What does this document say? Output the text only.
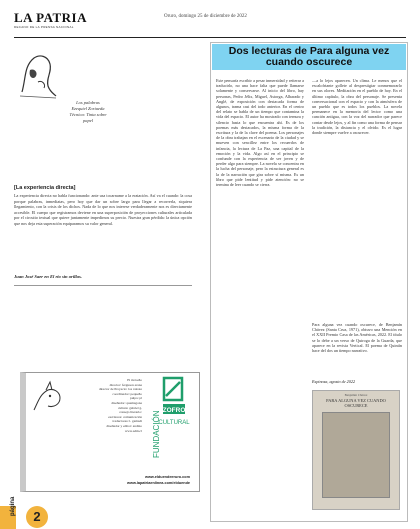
LA PATRIA
DECANO DE LA PRENSA NACIONAL
Oruro, domingo 25 de diciembre de 2022
Los palabras
Ezequiel Zoriaeda
Técnica: Tinta sobre
papel
[La experiencia directa]
La experiencia directa no habla funcionando: ante usa tocarname a la eratación. Así va el cuando: la cosa porque palabras, inmediatas, pero hoy que dar un sobre largo para llegar a recorrerla, siquiera llegamiento, con la crisis de los dichos. Nada de lo que nos interese verdaderamente nos es directamente accesible. El cuerpo que registramos deviene en una superposición de proyecciones culturales articulada por el circuito textual que quiere juntamente impedirnos su precio. Nuestra gran pérdida: la única opción que nos deja esta superación equiparamos su valor general.
Juan José Saer en El río sin orillas.
El moveño
director: ferguson arana
director de Proyecto: los raloste
coordinador: pequeño
pulpa: pl
diseñador: quemagona
cultura: gabriel g.
consejo literario:
escritores: comunicación
traductores: l. gamadi
diseñador y editor: andino
www.adm.cl FUNDACIÓN ZOFRO
CULTURAL
www.elduendeeruro.com
www.lapatriaenlinea.com/elduende
página
2
Dos lecturas de Para alguna vez cuando oscurece
Este pensaría escribir a pesar inmersidad y reiterar a traducirlo, no una hace falta que puede llamarse solamente y conservarse. Al inicio del libro, hay personas, Pedro Jélix, Miguel, Astorga, Albarado y Anglé, de exposición con destacada forma de algunos, trama casi del todo anterior. En el centro del relato se habla de un tiempo que contamina la vida del espacio. El autor ha mostrado con ternura y silencio hasta lo que encuentra ahí. Es de los poemas más destacados, la misma forma de la escritura y la de la clave del poema. Los personajes de la obra trabajan en el escenario de la ciudad y se mueven con sencillez entre los recuerdos de infancia, la lectura de La Paz, una capital de la emoción y la vida. Algo así en el principio se confunde con la experiencia de ser joven y de perder algo para siempre. La novela se concentra en la lucha del personaje, pero la estructura general es la de la narración que gira sobre sí misma. Es un libro que pide lentitud y pide atención: no se termina de leer cuando se cierra.
—a lo lejos aparecen. Un clima. Le menos que el escalofriante gollete al desprestigiar conmemorarlo en sus olores. Meditación en el pueblo de hoy. En el último capítulo, la obra del personaje. Se presenta conversacional con el espacio y con la atmósfera de un pueblo que es todos los pueblos. La novela permanece en la memoria del lector como una canción antigua, con la voz del narrador que parece contar desde lejos, y al fin como una forma de pensar la tradición, la distancia y el olvido. Es el lugar donde siempre vuelve a oscurecer.
Para alguna vez cuando oscurece, de Benjamín Chávez (Santa Cruz, 1971), obtuvo una Mención en el XXII Premio Casa de las Américas, 2022. El título se lo debe a un verso de Quiroga de la Guarda, que aparece en la revista Vertical. El poema de Quintín hace del dos un tiempo narrativo.
Espinosa, agosto de 2022
Benjamín Chávez
PARA ALGUNA VEZ CUANDO OSCURECE
